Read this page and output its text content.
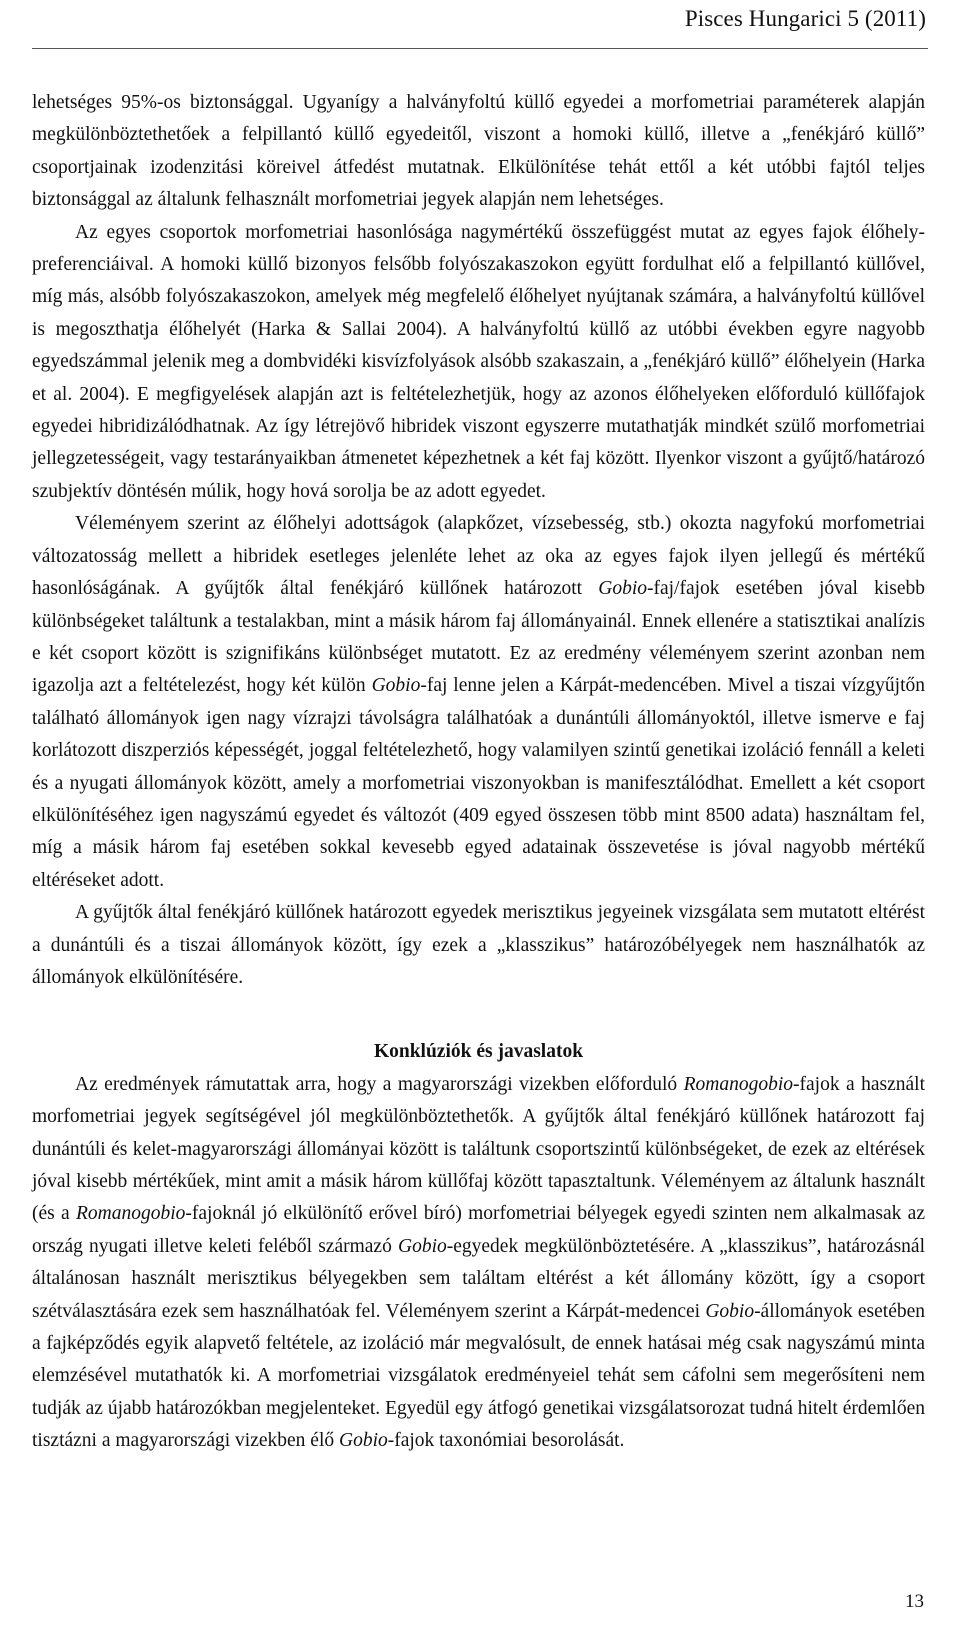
Pisces Hungarici 5 (2011)

lehetséges 95%-os biztonsággal. Ugyanígy a halványfoltú küllő egyedei a morfometriai paraméterek alapján megkülönböztethetőek a felpillantó küllő egyedeitől, viszont a homoki küllő, illetve a „fenékjáró küllő” csoportjainak izodenzitási köreivel átfedést mutatnak. Elkülönítése tehát ettől a két utóbbi fajtól teljes biztonsággal az általunk felhasznált morfometriai jegyek alapján nem lehetséges.

Az egyes csoportok morfometriai hasonlósága nagymértékű összefüggést mutat az egyes fajok élőhely-preferenciáival. A homoki küllő bizonyos felsőbb folyószakaszokon együtt fordulhat elő a felpillantó küllővel, míg más, alsóbb folyószakaszokon, amelyek még megfelelő élőhelyet nyújtanak számára, a halványfoltú küllővel is megoszthatja élőhelyét (Harka & Sallai 2004). A halványfoltú küllő az utóbbi években egyre nagyobb egyedszámmal jelenik meg a dombvidéki kisvízfolyások alsóbb szakaszain, a „fenékjáró küllő” élőhelyein (Harka et al. 2004). E megfigyelések alapján azt is feltételezhetjük, hogy az azonos élőhelyeken előforduló küllőfajok egyedei hibridizálódhatnak. Az így létrejövő hibridek viszont egyszerre mutathatják mindkét szülő morfometriai jellegzetességeit, vagy testarányaikban átmenetet képezhetnek a két faj között. Ilyenkor viszont a gyűjtő/határozó szubjektív döntésén múlik, hogy hová sorolja be az adott egyedet.

Véleményem szerint az élőhelyi adottságok (alapkőzet, vízsebesség, stb.) okozta nagyfokú morfometriai változatosság mellett a hibridek esetleges jelenléte lehet az oka az egyes fajok ilyen jellegű és mértékű hasonlóságának. A gyűjtők által fenékjáró küllőnek határozott Gobio-faj/fajok esetében jóval kisebb különbségeket találtunk a testalakban, mint a másik három faj állományainál. Ennek ellenére a statisztikai analízis e két csoport között is szignifikáns különbséget mutatott. Ez az eredmény véleményem szerint azonban nem igazolja azt a feltételezést, hogy két külön Gobio-faj lenne jelen a Kárpát-medencében. Mivel a tiszai vízgyűjtőn található állományok igen nagy vízrajzi távolságra találhatóak a dunántúli állományoktól, illetve ismerve e faj korlátozott diszperziós képességét, joggal feltételezhető, hogy valamilyen szintű genetikai izoláció fennáll a keleti és a nyugati állományok között, amely a morfometriai viszonyokban is manifesztálódhat. Emellett a két csoport elkülönítéséhez igen nagyszámú egyedet és változót (409 egyed összesen több mint 8500 adata) használtam fel, míg a másik három faj esetében sokkal kevesebb egyed adatainak összevetése is jóval nagyobb mértékű eltéréseket adott.

A gyűjtők által fenékjáró küllőnek határozott egyedek merisztikus jegyeinek vizsgálata sem mutatott eltérést a dunántúli és a tiszai állományok között, így ezek a „klasszikus” határozóbélyegek nem használhatók az állományok elkülönítésére.

Konklúziók és javaslatok

Az eredmények rámutattak arra, hogy a magyarországi vizekben előforduló Romanogobio-fajok a használt morfometriai jegyek segítségével jól megkülönböztethetők. A gyűjtők által fenékjáró küllőnek határozott faj dunántúli és kelet-magyarországi állományai között is találtunk csoportszintű különbségeket, de ezek az eltérések jóval kisebb mértékűek, mint amit a másik három küllőfaj között tapasztaltunk. Véleményem az általunk használt (és a Romanogobio-fajoknál jó elkülönítő erővel bíró) morfometriai bélyegek egyedi szinten nem alkalmasak az ország nyugati illetve keleti feléből származó Gobio-egyedek megkülönböztetésére. A „klasszikus”, határozásnál általánosan használt merisztikus bélyegekben sem találtam eltérést a két állomány között, így a csoport szétválasztására ezek sem használhatóak fel. Véleményem szerint a Kárpát-medencei Gobio-állományok esetében a fajképződés egyik alapvető feltétele, az izoláció már megvalósult, de ennek hatásai még csak nagyszámú minta elemzésével mutathatók ki. A morfometriai vizsgálatok eredményeiel tehát sem cáfolni sem megerősíteni nem tudják az újabb határozókban megjelenteket. Egyedül egy átfogó genetikai vizsgálatsorozat tudná hitelt érdemlően tisztázni a magyarországi vizekben élő Gobio-fajok taxonómiai besorolását.

13
